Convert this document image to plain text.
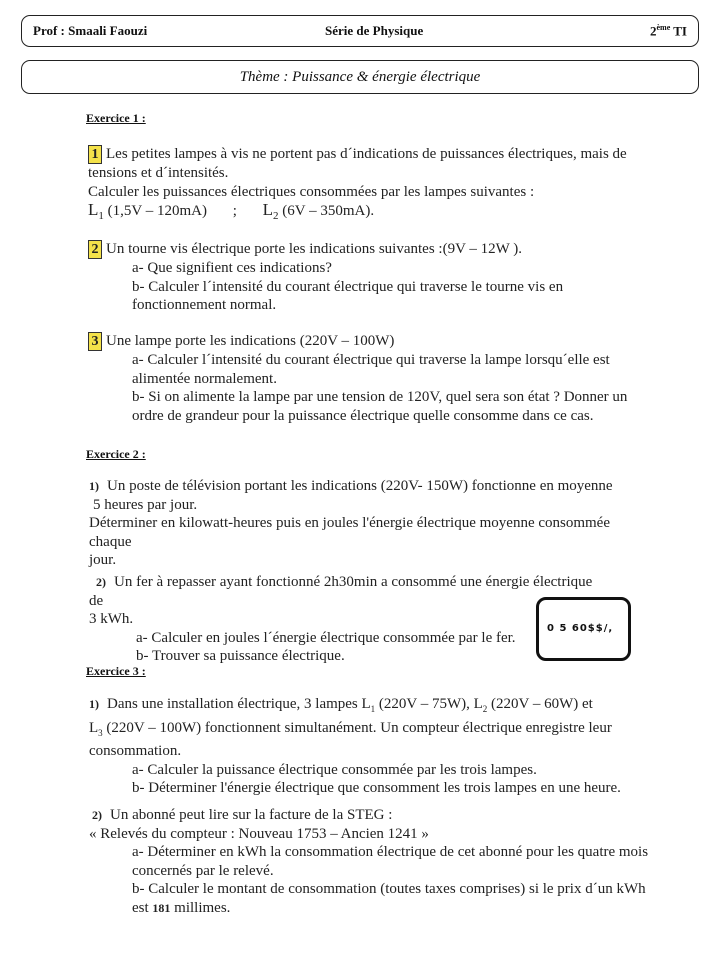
Prof : Smaali Faouzi	Série de Physique	2ème TI
Thème : Puissance & énergie électrique
Exercice 1 :
1 Les petites lampes à vis ne portent pas d´indications de puissances électriques, mais de
tensions et d´intensités.
Calculer les puissances électriques consommées par les lampes suivantes :
$L_1$ (1,5V – 120mA) ; $L_2$ (6V – 350mA).
2 Un tourne vis électrique porte les indications suivantes :(9V – 12W ).
a- Que signifient ces indications?
b- Calculer l´intensité du courant électrique qui traverse le tourne vis en
fonctionnement normal.
3 Une lampe porte les indications (220V – 100W)
a- Calculer l´intensité du courant électrique qui traverse la lampe lorsqu´elle est
alimentée normalement.
b- Si on alimente la lampe par une tension de 120V, quel sera son état ? Donner un
ordre de grandeur pour la puissance électrique quelle consomme dans ce cas.
Exercice 2 :
1) Un poste de télévision portant les indications (220V- 150W) fonctionne en moyenne
5 heures par jour.
Déterminer en kilowatt-heures puis en joules l'énergie électrique moyenne consommée chaque
jour.
2) Un fer à repasser ayant fonctionné 2h30min a consommé une énergie électrique de
3 kWh.
a- Calculer en joules l´énergie électrique consommée par le fer.
b- Trouver sa puissance électrique.
0 5 60$$/,
Exercice 3 :
1) Dans une installation électrique, 3 lampes $L_1$ (220V – 75W), $L_2$ (220V – 60W) et
$L_3$ (220V – 100W) fonctionnent simultanément. Un compteur électrique enregistre leur
consommation.
a- Calculer la puissance électrique consommée par les trois lampes.
b- Déterminer l'énergie électrique que consomment les trois lampes en une heure.
2) Un abonné peut lire sur la facture de la STEG :
« Relevés du compteur : Nouveau 1753 – Ancien 1241 »
a- Déterminer en kWh la consommation électrique de cet abonné pour les quatre mois
concernés par le relevé.
b- Calculer le montant de consommation (toutes taxes comprises) si le prix d´un kWh
est 181 millimes.
